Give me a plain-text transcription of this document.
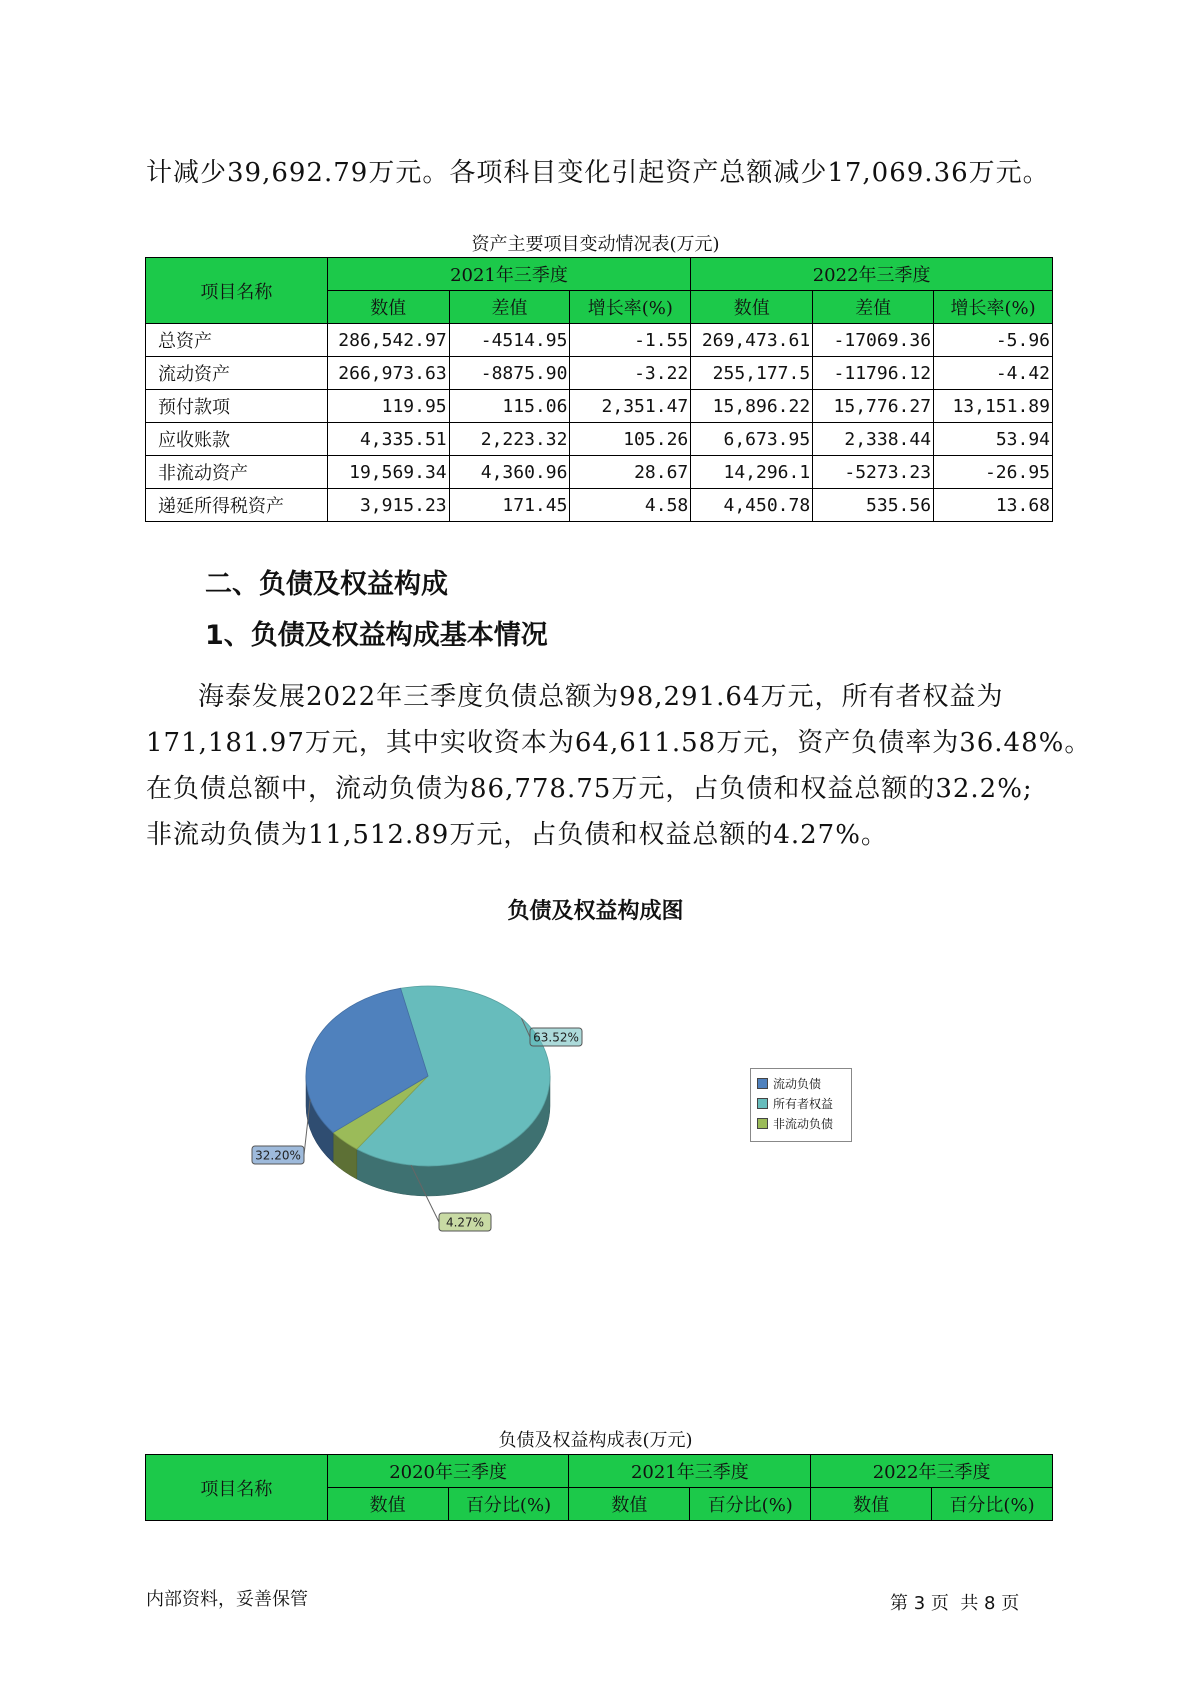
计减少39,692.79万元。各项科目变化引起资产总额减少17,069.36万元。
资产主要项目变动情况表(万元)
项目名称	2021年三季度			2022年三季度		
	数值	差值	增长率(%)	数值	差值	增长率(%)
总资产	286,542.97	-4514.95	-1.55	269,473.61	-17069.36	-5.96
流动资产	266,973.63	-8875.90	-3.22	255,177.5	-11796.12	-4.42
预付款项	119.95	115.06	2,351.47	15,896.22	15,776.27	13,151.89
应收账款	4,335.51	2,223.32	105.26	6,673.95	2,338.44	53.94
非流动资产	19,569.34	4,360.96	28.67	14,296.1	-5273.23	-26.95
递延所得税资产	3,915.23	171.45	4.58	4,450.78	535.56	13.68
二、负债及权益构成
1、负债及权益构成基本情况
海泰发展2022年三季度负债总额为98,291.64万元，所有者权益为
171,181.97万元，其中实收资本为64,611.58万元，资产负债率为36.48%。
在负债总额中，流动负债为86,778.75万元，占负债和权益总额的32.2%;
非流动负债为11,512.89万元，占负债和权益总额的4.27%。
负债及权益构成图
63.52%
4.27%
32.20%
流动负债
所有者权益
非流动负债
负债及权益构成表(万元)
项目名称	2020年三季度		2021年三季度		2022年三季度	
	数值	百分比(%)	数值	百分比(%)	数值	百分比(%)
内部资料，妥善保管	第 3 页  共 8 页
